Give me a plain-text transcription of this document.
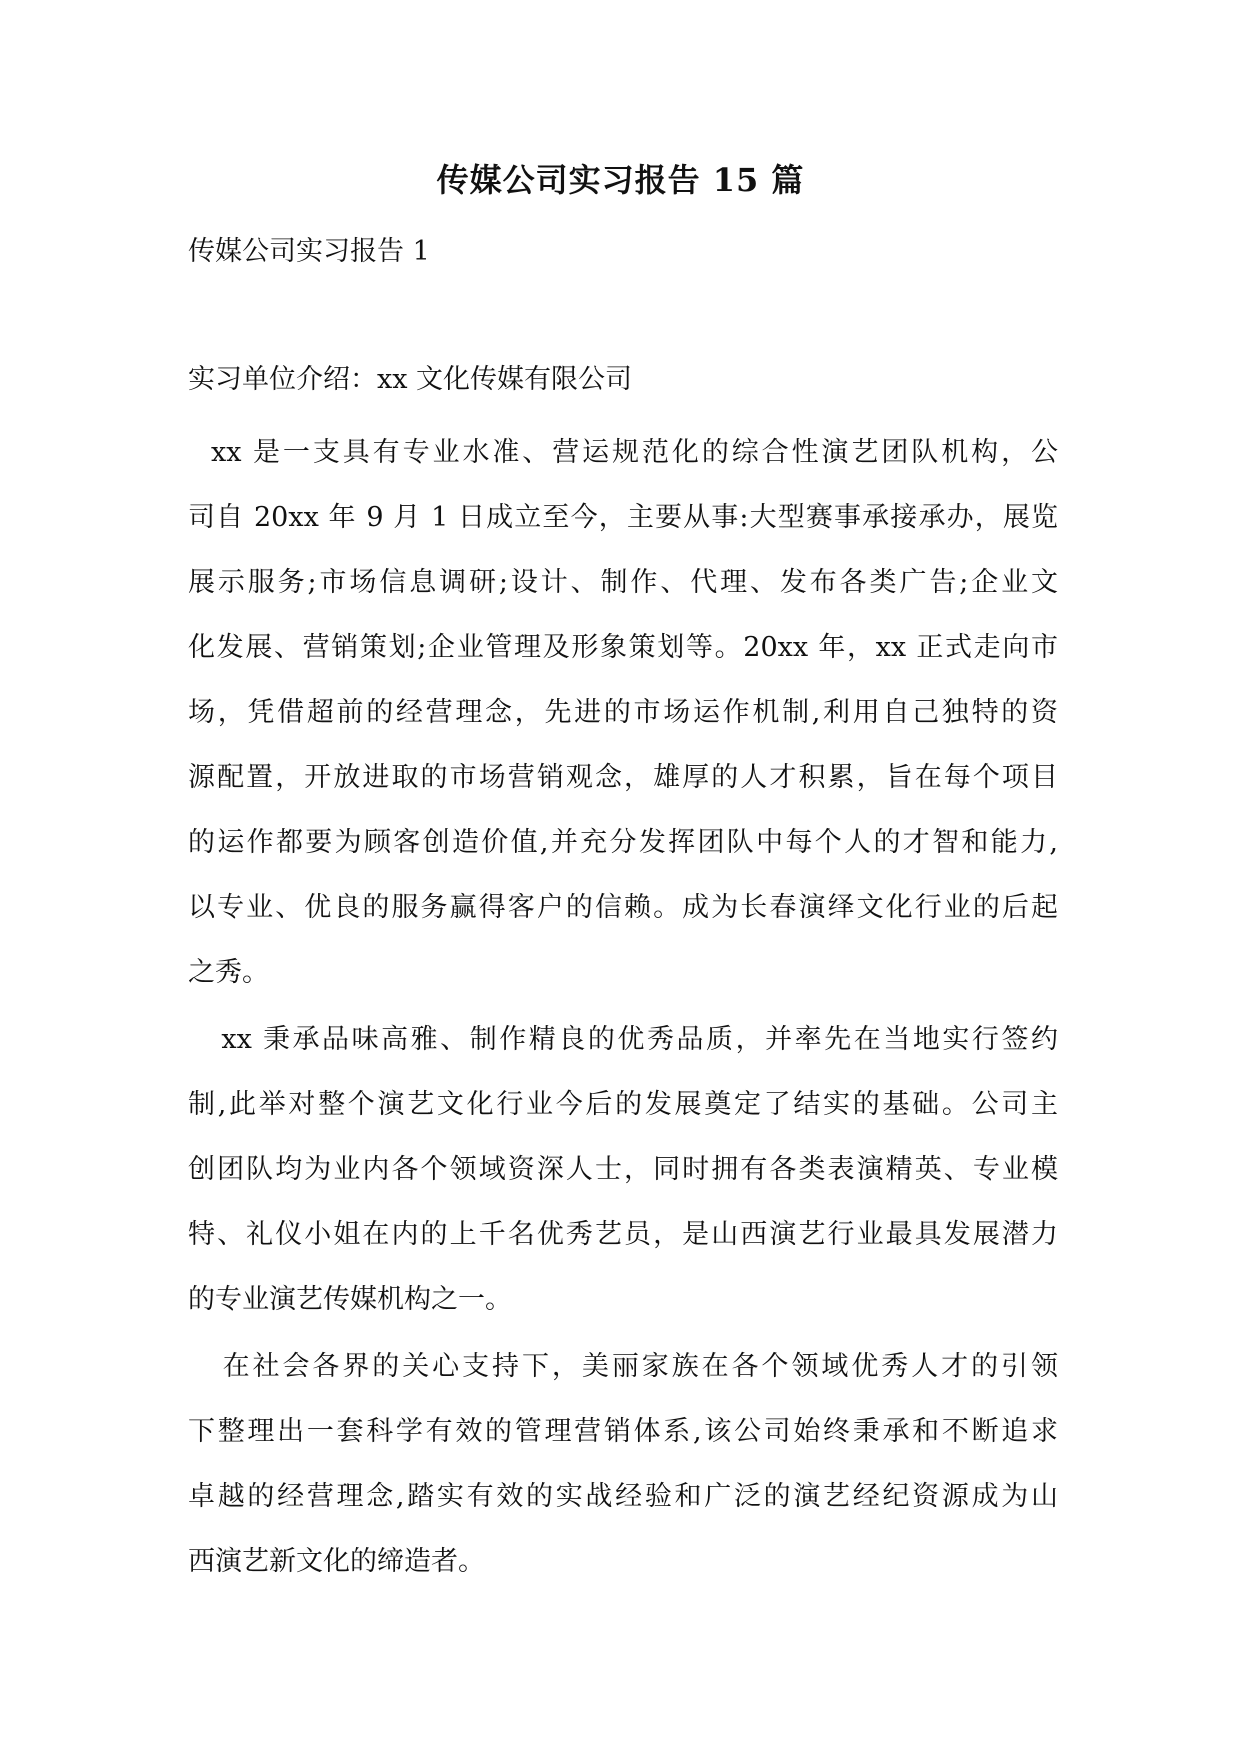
传媒公司实习报告 15 篇
传媒公司实习报告 1
实习单位介绍：xx 文化传媒有限公司
xx 是一支具有专业水准、营运规范化的综合性演艺团队机构，公
司自 20xx 年 9 月 1 日成立至今，主要从事:大型赛事承接承办，展览
展示服务;市场信息调研;设计、制作、代理、发布各类广告;企业文
化发展、营销策划;企业管理及形象策划等。20xx 年，xx 正式走向市
场，凭借超前的经营理念，先进的市场运作机制,利用自己独特的资
源配置，开放进取的市场营销观念，雄厚的人才积累，旨在每个项目
的运作都要为顾客创造价值,并充分发挥团队中每个人的才智和能力,
以专业、优良的服务赢得客户的信赖。成为长春演绎文化行业的后起
之秀。
xx 秉承品味高雅、制作精良的优秀品质，并率先在当地实行签约
制,此举对整个演艺文化行业今后的发展奠定了结实的基础。公司主
创团队均为业内各个领域资深人士，同时拥有各类表演精英、专业模
特、礼仪小姐在内的上千名优秀艺员，是山西演艺行业最具发展潜力
的专业演艺传媒机构之一。
在社会各界的关心支持下，美丽家族在各个领域优秀人才的引领
下整理出一套科学有效的管理营销体系,该公司始终秉承和不断追求
卓越的经营理念,踏实有效的实战经验和广泛的演艺经纪资源成为山
西演艺新文化的缔造者。
